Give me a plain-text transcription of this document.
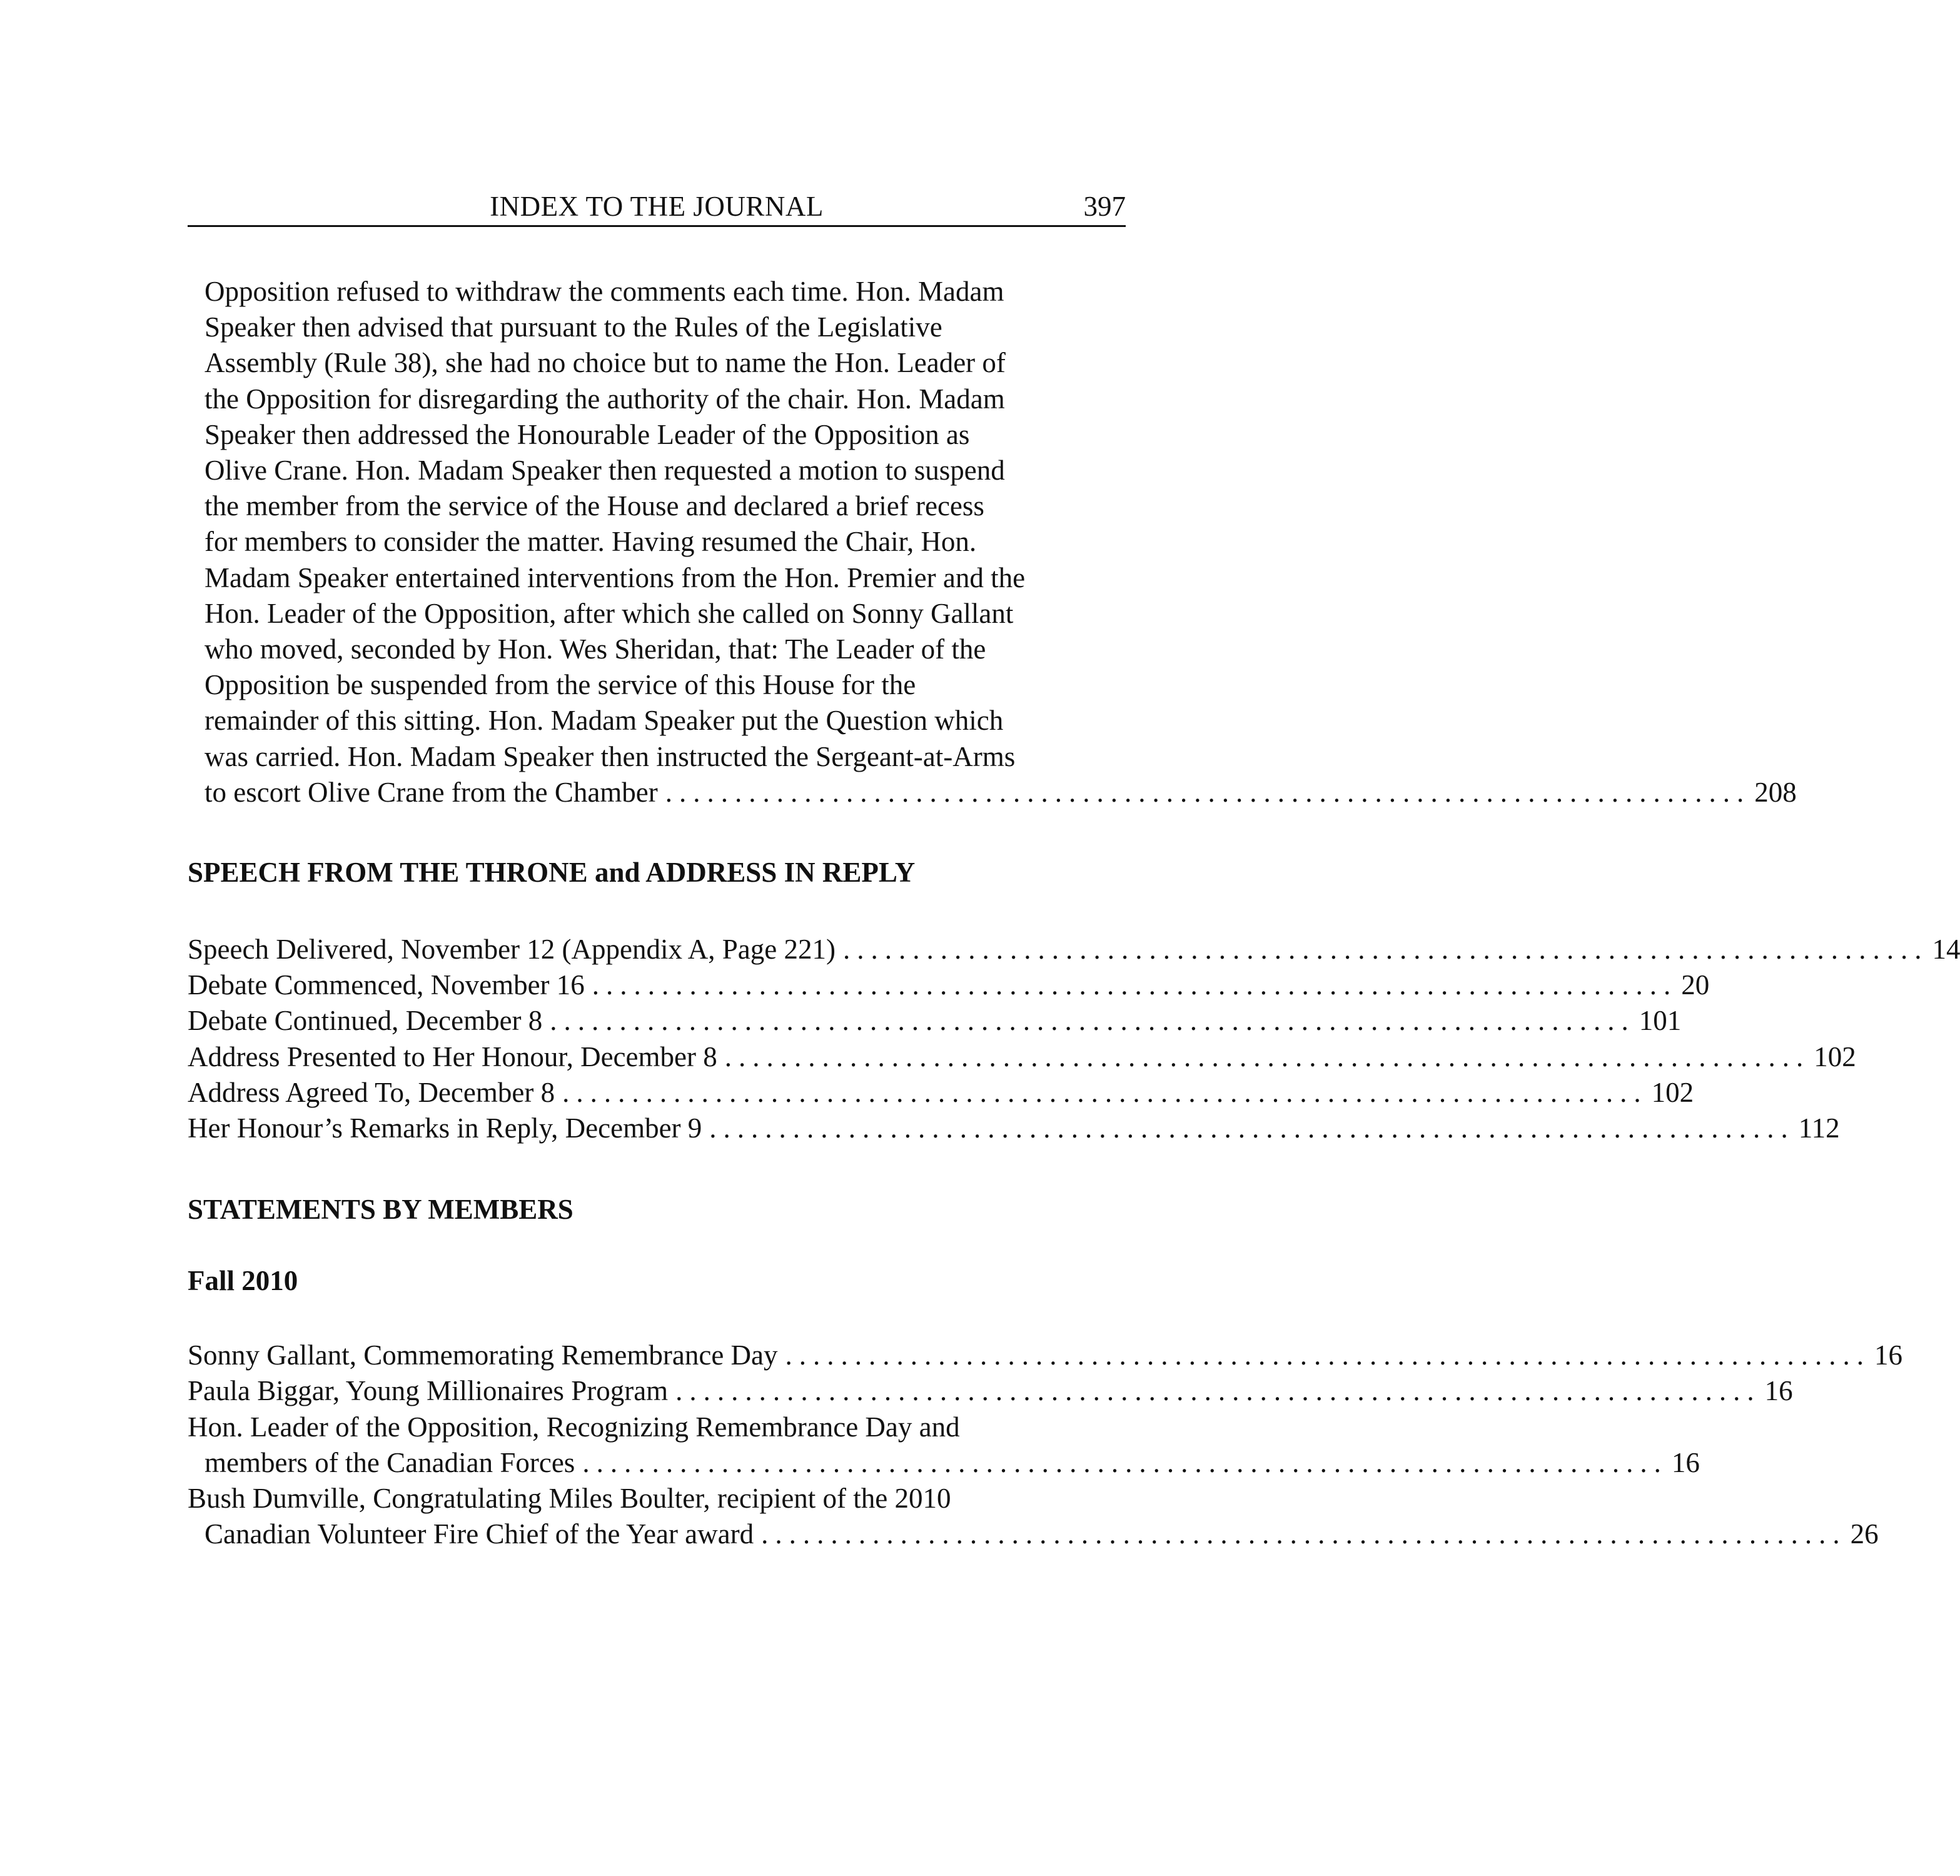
INDEX TO THE JOURNAL	397
Opposition refused to withdraw the comments each time. Hon. Madam
Speaker then advised that pursuant to the Rules of the Legislative
Assembly (Rule 38), she had no choice but to name the Hon. Leader of
the Opposition for disregarding the authority of the chair. Hon. Madam
Speaker then addressed the Honourable Leader of the Opposition as
Olive Crane. Hon. Madam Speaker then requested a motion to suspend
the member from the service of the House and declared a brief recess
for members to consider the matter. Having resumed the Chair, Hon.
Madam Speaker entertained interventions from the Hon. Premier and the
Hon. Leader of the Opposition, after which she called on Sonny Gallant
who moved, seconded by Hon. Wes Sheridan, that: The Leader of the
Opposition be suspended from the service of this House for the
remainder of this sitting. Hon. Madam Speaker put the Question which
was carried. Hon. Madam Speaker then instructed the Sergeant-at-Arms
to escort Olive Crane from the Chamber .............................................................................. 208
SPEECH FROM THE THRONE and ADDRESS IN REPLY
Speech Delivered, November 12 (Appendix A, Page 221) .............................................................................. 14
Debate Commenced, November 16 .............................................................................. 20
Debate Continued, December 8 .............................................................................. 101
Address Presented to Her Honour, December 8 .............................................................................. 102
Address Agreed To, December 8 .............................................................................. 102
Her Honour’s Remarks in Reply, December 9 .............................................................................. 112
STATEMENTS BY MEMBERS
Fall 2010
Sonny Gallant, Commemorating Remembrance Day .............................................................................. 16
Paula Biggar, Young Millionaires Program .............................................................................. 16
Hon. Leader of the Opposition, Recognizing Remembrance Day and
members of the Canadian Forces .............................................................................. 16
Bush Dumville, Congratulating Miles Boulter, recipient of the 2010
Canadian Volunteer Fire Chief of the Year award .............................................................................. 26
